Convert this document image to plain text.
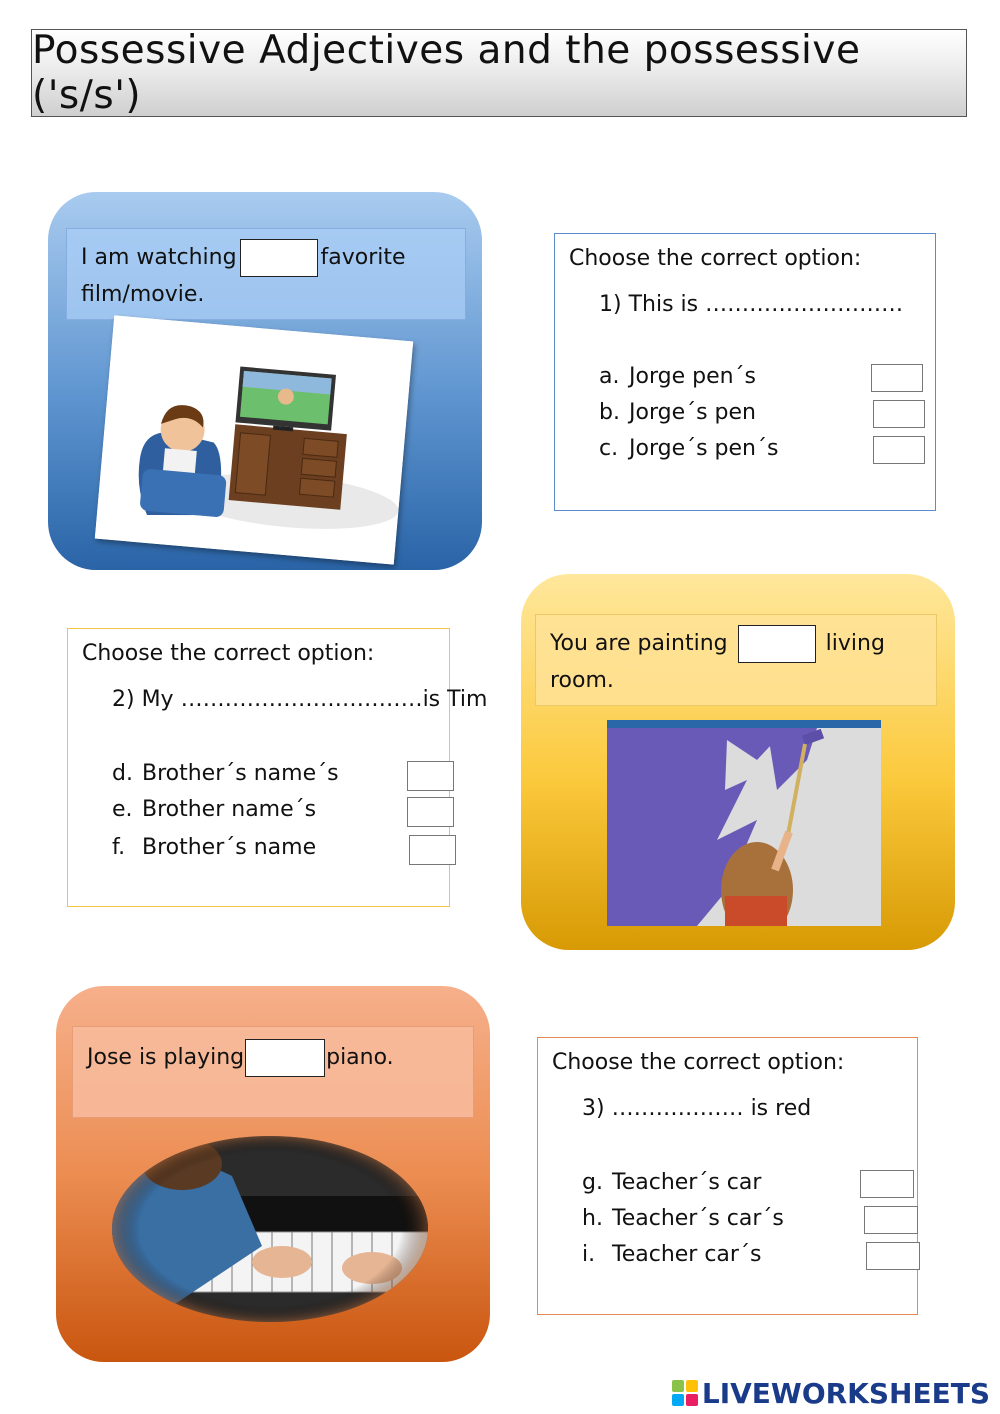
Possessive Adjectives and the possessive ('s/s')
I am watching	favorite
film/movie.
Choose the correct option:
1) This is ………………………
a. Jorge pen´s
b. Jorge´s pen
c. Jorge´s pen´s
Choose the correct option:
2) My ……………………………is Tim
d. Brother´s name´s
e. Brother name´s
f. Brother´s name
You are painting	living
room.
Jose is playing	piano.	Choose the correct option:
3) ……………… is red
g. Teacher´s car
h. Teacher´s car´s
i. Teacher car´s
LIVEWORKSHEETS
